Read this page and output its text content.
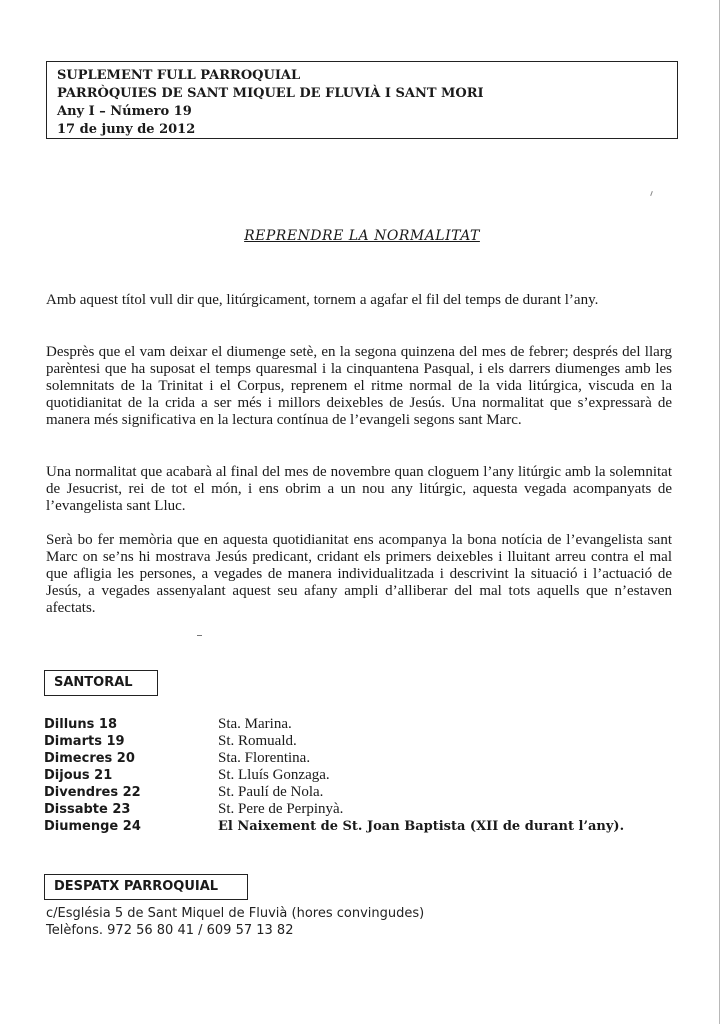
SUPLEMENT FULL PARROQUIAL
PARRÒQUIES DE SANT MIQUEL DE FLUVIÀ I SANT MORI
Any I – Número 19
17 de juny de 2012
REPRENDRE LA NORMALITAT
Amb aquest títol vull dir que, litúrgicament, tornem a agafar el fil del temps de durant l’any.
Desprès que el vam deixar el diumenge setè, en la segona quinzena del mes de febrer; després del llarg parèntesi que ha suposat el temps quaresmal i la cinquantena Pasqual, i els darrers diumenges amb les solemnitats de la Trinitat i el Corpus, reprenem el ritme normal de la vida litúrgica, viscuda en la quotidianitat de la crida a ser més i millors deixebles de Jesús. Una normalitat que s’expressarà de manera més significativa en la lectura contínua de l’evangeli segons sant Marc.
Una normalitat que acabarà al final del mes de novembre quan cloguem l’any litúrgic amb la solemnitat de Jesucrist, rei de tot el món, i ens obrim a un nou any litúrgic, aquesta vegada acompanyats de l’evangelista sant Lluc.
Serà bo fer memòria que en aquesta quotidianitat ens acompanya la bona notícia de l’evangelista sant Marc on se’ns hi mostrava Jesús predicant, cridant els primers deixebles i lluitant arreu contra el mal que afligia les persones, a vegades de manera individualitzada i descrivint la situació i l’actuació de Jesús, a vegades assenyalant aquest seu afany ampli d’alliberar del mal tots aquells que n’estaven afectats.
SANTORAL
Dilluns 18	Sta. Marina.
Dimarts 19	St. Romuald.
Dimecres 20	Sta. Florentina.
Dijous 21	St. Lluís Gonzaga.
Divendres 22	St. Paulí de Nola.
Dissabte 23	St. Pere de Perpinyà.
Diumenge 24	El Naixement de St. Joan Baptista (XII de durant l’any).
DESPATX PARROQUIAL
c/Església 5 de Sant Miquel de Fluvià (hores convingudes)
Telèfons. 972 56 80 41 / 609 57 13 82
